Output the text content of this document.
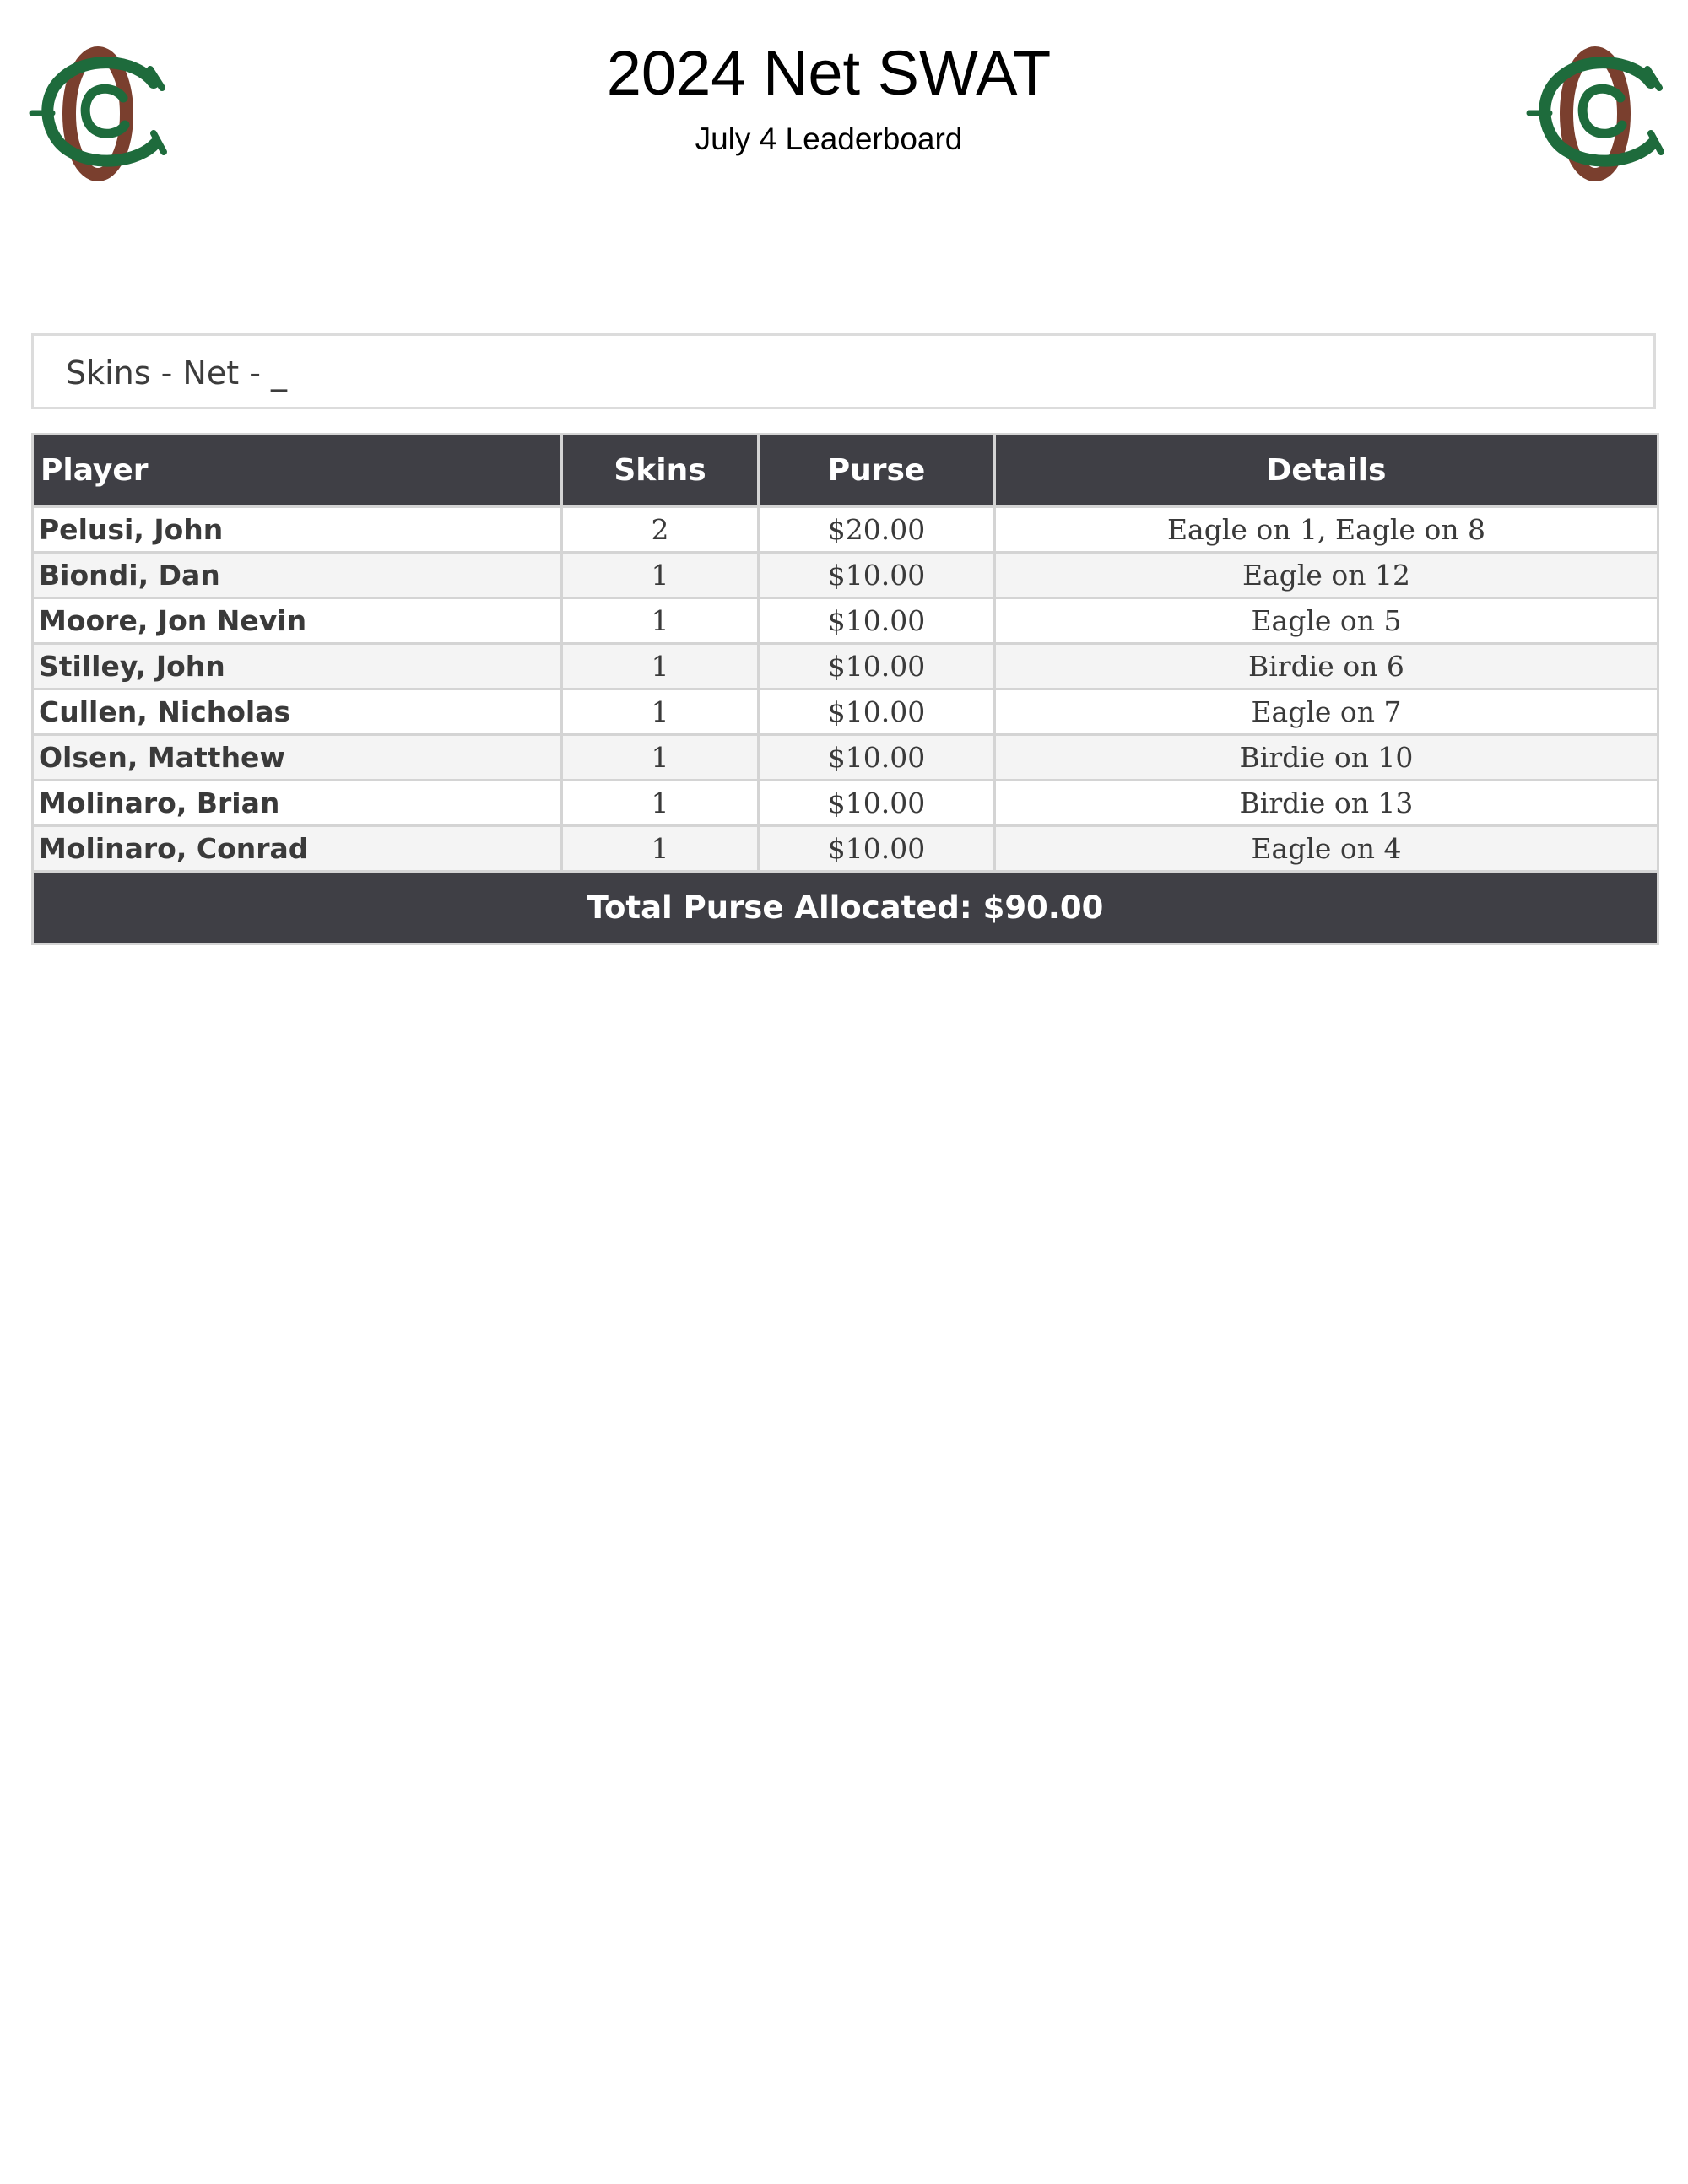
2024 Net SWAT
July 4 Leaderboard
Skins - Net - _
Player	Skins	Purse	Details
Pelusi, John	2	$20.00	Eagle on 1, Eagle on 8
Biondi, Dan	1	$10.00	Eagle on 12
Moore, Jon Nevin	1	$10.00	Eagle on 5
Stilley, John	1	$10.00	Birdie on 6
Cullen, Nicholas	1	$10.00	Eagle on 7
Olsen, Matthew	1	$10.00	Birdie on 10
Molinaro, Brian	1	$10.00	Birdie on 13
Molinaro, Conrad	1	$10.00	Eagle on 4
Total Purse Allocated: $90.00			
